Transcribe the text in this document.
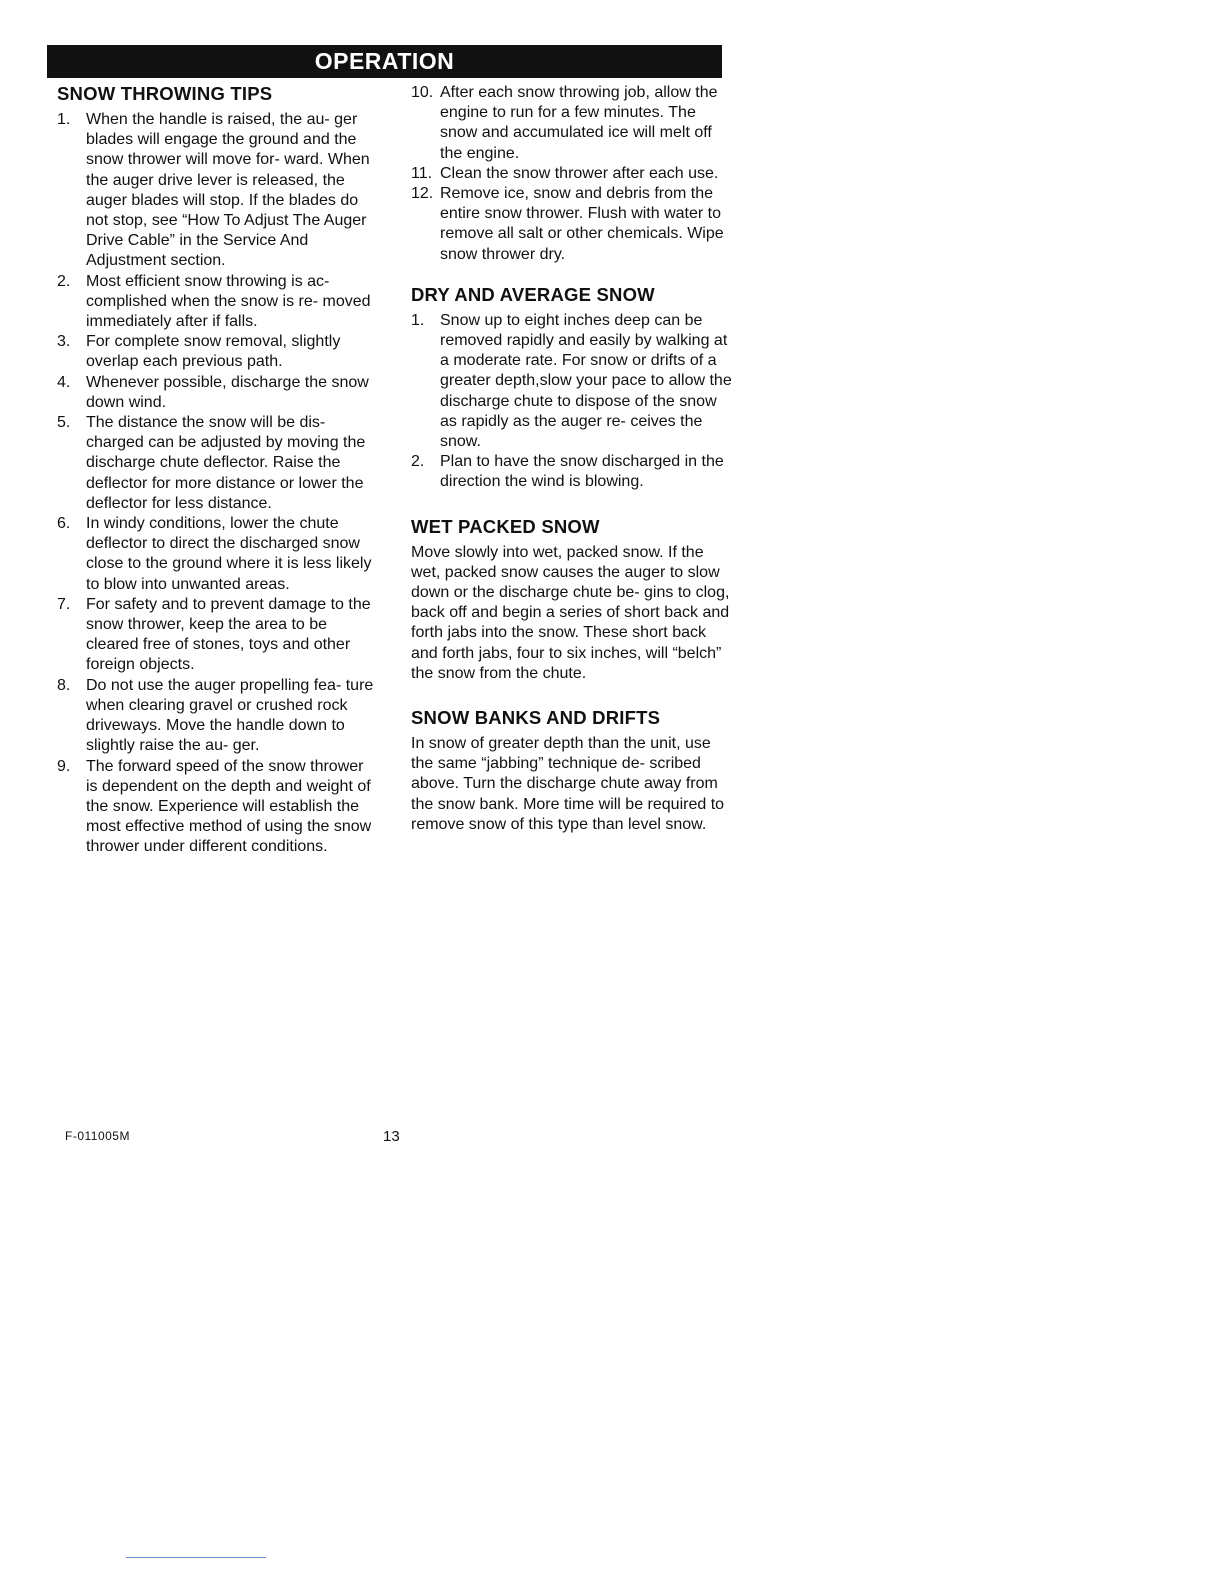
OPERATION
SNOW THROWING TIPS
1. When the handle is raised, the au- ger blades will engage the ground and the snow thrower will move for- ward. When the auger drive lever is released, the auger blades will stop. If the blades do not stop, see “How To Adjust The Auger Drive Cable” in the Service And Adjustment section.
2. Most efficient snow throwing is ac- complished when the snow is re- moved immediately after if falls.
3. For complete snow removal, slightly overlap each previous path.
4. Whenever possible, discharge the snow down wind.
5. The distance the snow will be dis- charged can be adjusted by moving the discharge chute deflector. Raise the deflector for more distance or lower the deflector for less distance.
6. In windy conditions, lower the chute deflector to direct the discharged snow close to the ground where it is less likely to blow into unwanted areas.
7. For safety and to prevent damage to the snow thrower, keep the area to be cleared free of stones, toys and other foreign objects.
8. Do not use the auger propelling fea- ture when clearing gravel or crushed rock driveways. Move the handle down to slightly raise the au- ger.
9. The forward speed of the snow thrower is dependent on the depth and weight of the snow. Experience will establish the most effective method of using the snow thrower under different conditions.
10. After each snow throwing job, allow the engine to run for a few minutes. The snow and accumulated ice will melt off the engine.
11. Clean the snow thrower after each use.
12. Remove ice, snow and debris from the entire snow thrower. Flush with water to remove all salt or other chemicals. Wipe snow thrower dry.
DRY AND AVERAGE SNOW
1. Snow up to eight inches deep can be removed rapidly and easily by walking at a moderate rate. For snow or drifts of a greater depth,slow your pace to allow the discharge chute to dispose of the snow as rapidly as the auger re- ceives the snow.
2. Plan to have the snow discharged in the direction the wind is blowing.
WET PACKED SNOW

Move slowly into wet, packed snow. If the wet, packed snow causes the auger to slow down or the discharge chute be- gins to clog, back off and begin a series of short back and forth jabs into the snow. These short back and forth jabs, four to six inches, will “belch” the snow from the chute.

SNOW BANKS AND DRIFTS

In snow of greater depth than the unit, use the same “jabbing” technique de- scribed above. Turn the discharge chute away from the snow bank. More time will be required to remove snow of this type than level snow.

F-011005M	13
